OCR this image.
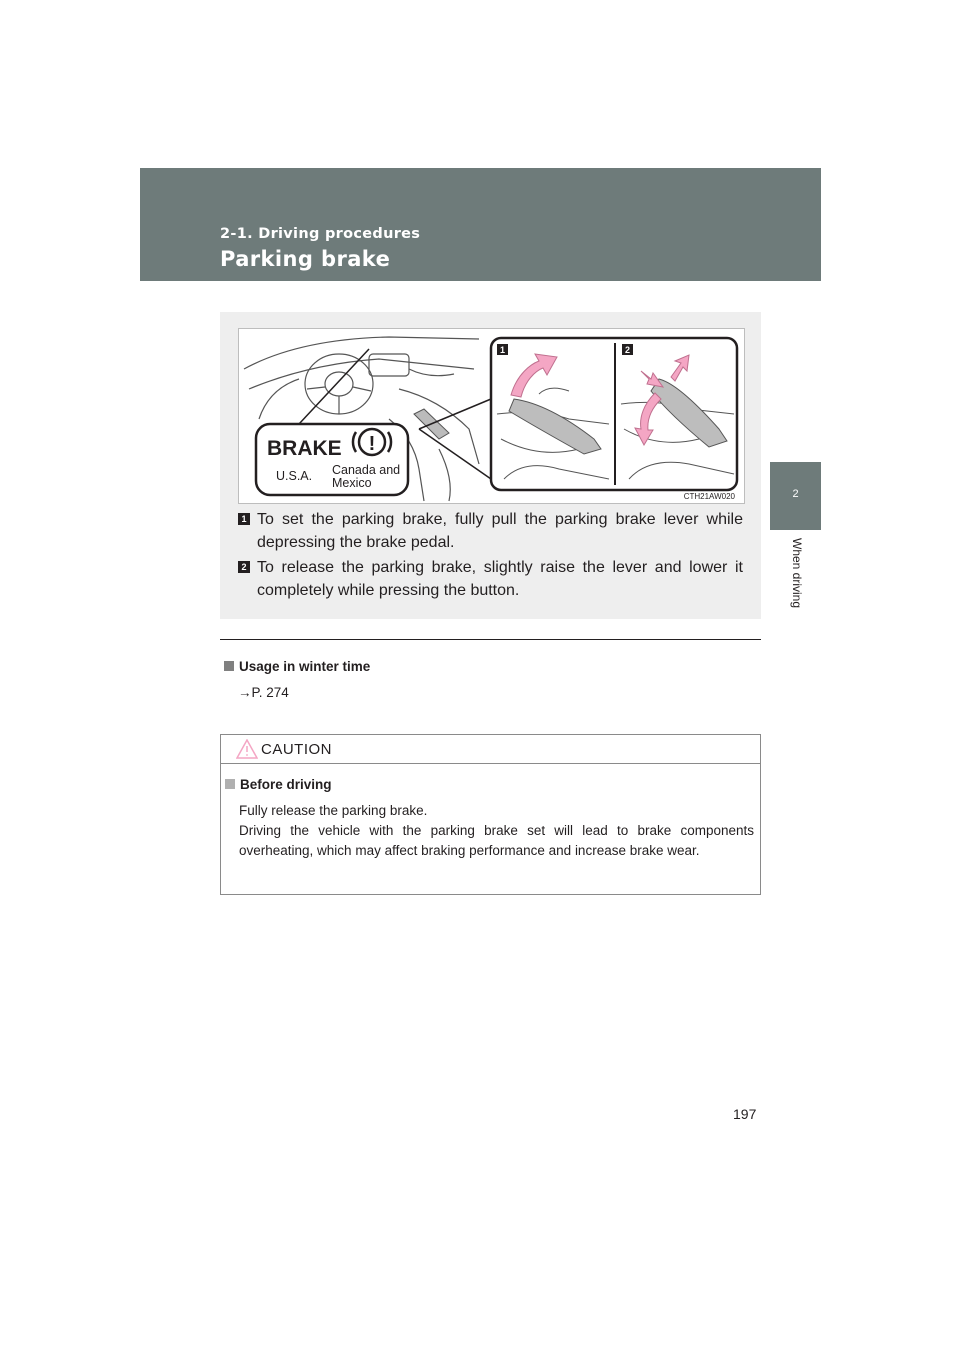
2-1. Driving procedures
Parking brake
2
When driving
BRAKE !
U.S.A. Canada and
Mexico
1	2
CTH21AW020
1 To set the parking brake, fully pull the parking brake lever while depressing the brake pedal.
2 To release the parking brake, slightly raise the lever and lower it completely while pressing the button.
Usage in winter time
→P. 274
CAUTION
Before driving
Fully release the parking brake.
Driving the vehicle with the parking brake set will lead to brake components overheating, which may affect braking performance and increase brake wear.
197
